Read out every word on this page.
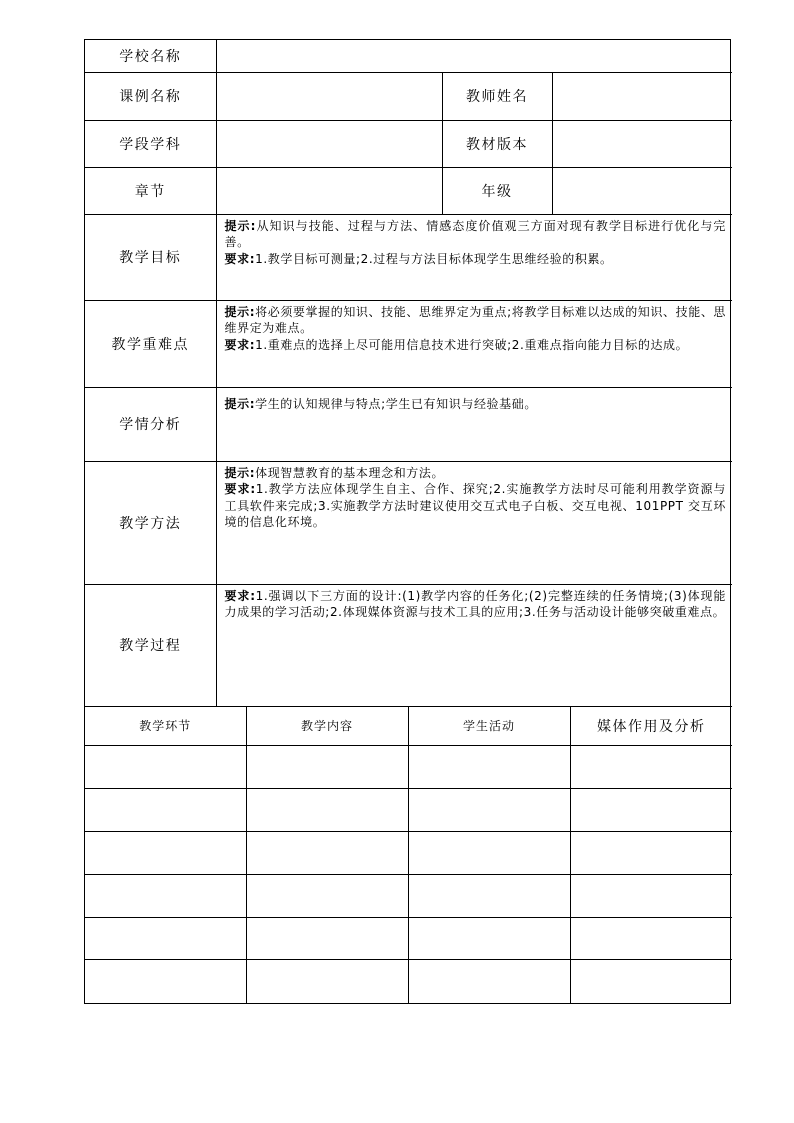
学校名称			
课例名称		教师姓名	
学段学科		教材版本	
章节		年级	
教学目标	提示:从知识与技能、过程与方法、情感态度价值观三方面对现有教学目标进行优化与完善。

要求:1.教学目标可测量;2.过程与方法目标体现学生思维经验的积累。		

教学重难点	提示:将必须要掌握的知识、技能、思维界定为重点;将教学目标难以达成的知识、技能、思维界定为难点。

要求:1.重难点的选择上尽可能用信息技术进行突破;2.重难点指向能力目标的达成。		

学情分析	提示:学生的认知规律与特点;学生已有知识与经验基础。		

教学方法	提示:体现智慧教育的基本理念和方法。

要求:1.教学方法应体现学生自主、合作、探究;2.实施教学方法时尽可能利用教学资源与工具软件来完成;3.实施教学方法时建议使用交互式电子白板、交互电视、101PPT 交互环境的信息化环境。		

教学过程	要求:1.强调以下三方面的设计:(1)教学内容的任务化;(2)完整连续的任务情境;(3)体现能力成果的学习活动;2.体现媒体资源与技术工具的应用;3.任务与活动设计能够突破重难点。		

教学环节	教学内容	学生活动	媒体作用及分析
